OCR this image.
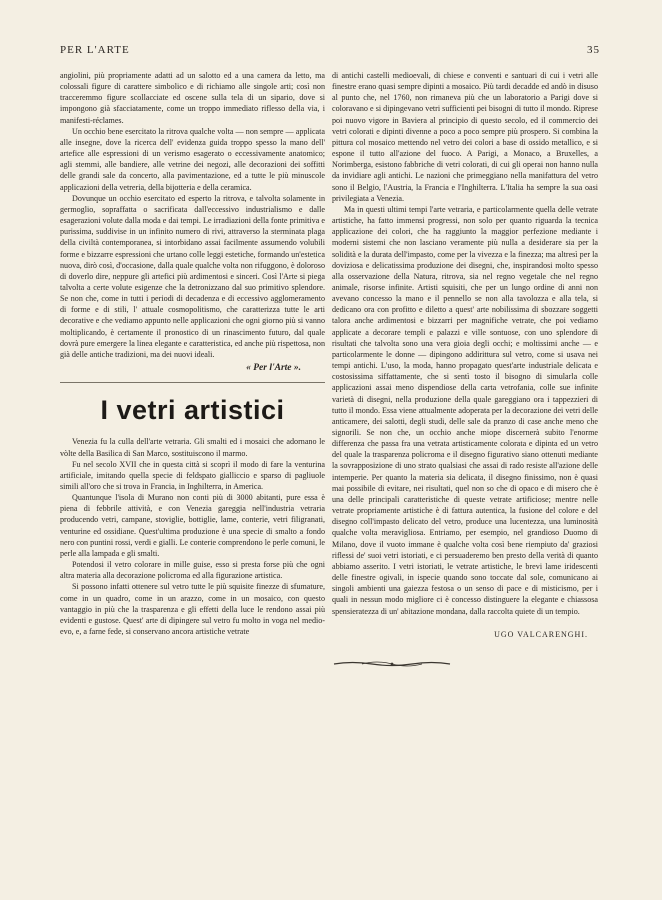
PER L'ARTE	35

angiolini, più propriamente adatti ad un salotto ed a una camera da letto, ma colossali figure di carattere simbolico e di richiamo alle singole arti; così non tracceremmo figure scollacciate ed oscene sulla tela di un sipario, dove si impongono già sfacciatamente, come un troppo immediato riflesso della via, i manifesti-réclames.

Un occhio bene esercitato la ritrova qualche volta — non sempre — applicata alle insegne, dove la ricerca dell' evidenza guida troppo spesso la mano dell' artefice alle espressioni di un verismo esagerato o eccessivamente anatomico; agli stemmi, alle bandiere, alle vetrine dei negozi, alle decorazioni dei soffitti delle grandi sale da concerto, alla pavimentazione, ed a tutte le più minuscole applicazioni della vetreria, della bijotteria e della ceramica.

Dovunque un occhio esercitato ed esperto la ritrova, e talvolta solamente in germoglio, sopraffatta o sacrificata dall'eccessivo industrialismo e dalle esagerazioni volute dalla moda e dai tempi. Le irradiazioni della fonte primitiva e purissima, suddivise in un infinito numero di rivi, attraverso la sterminata plaga della civiltà contemporanea, si intorbidano assai facilmente assumendo volubili forme e bizzarre espressioni che urtano colle leggi estetiche, formando un'estetica nuova, dirò così, d'occasione, dalla quale qualche volta non rifuggono, è doloroso di doverlo dire, neppure gli artefici più ardimentosi e sinceri. Così l'Arte si piega talvolta a certe volute esigenze che la detronizzano dal suo primitivo splendore. Se non che, come in tutti i periodi di decadenza e di eccessivo agglomeramento di forme e di stili, l' attuale cosmopolitismo, che caratterizza tutte le arti decorative e che vediamo appunto nelle applicazioni che ogni giorno più si vanno moltiplicando, è certamente il pronostico di un rinascimento futuro, dal quale dovrà pure emergere la linea elegante e caratteristica, ed anche più rispettosa, non già delle antiche tradizioni, ma dei nuovi ideali.

« Per l'Arte ».
I vetri artistici

Venezia fu la culla dell'arte vetraria. Gli smalti ed i mosaici che adornano le vòlte della Basilica di San Marco, sostituiscono il marmo.

Fu nel secolo XVII che in questa città si scoprì il modo di fare la venturina artificiale, imitando quella specie di feldspato gialliccio e sparso di pagliuole simili all'oro che si trova in Francia, in Inghilterra, in America.

Quantunque l'isola di Murano non conti più di 3000 abitanti, pure essa è piena di febbrile attività, e con Venezia gareggia nell'industria vetraria producendo vetri, campane, stoviglie, bottiglie, lame, conterie, vetri filigranati, venturine ed ossidiane. Quest'ultima produzione è una specie di smalto a fondo nero con puntini rossi, verdi e gialli. Le conterie comprendono le perle comuni, le perle alla lampada e gli smalti.

Potendosi il vetro colorare in mille guise, esso si presta forse più che ogni altra materia alla decorazione policroma ed alla figurazione artistica.

Si possono infatti ottenere sul vetro tutte le più squisite finezze di sfumature, come in un quadro, come in un arazzo, come in un mosaico, con questo vantaggio in più che la trasparenza e gli effetti della luce le rendono assai più evidenti e gustose. Quest' arte di dipingere sul vetro fu molto in voga nel medio-evo, e, a farne fede, si conservano ancora artistiche vetrate

di antichi castelli medioevali, di chiese e conventi e santuari di cui i vetri alle finestre erano quasi sempre dipinti a mosaico. Più tardi decadde ed andò in disuso al punto che, nel 1760, non rimaneva più che un laboratorio a Parigi dove si coloravano e si dipingevano vetri sufficienti pei bisogni di tutto il mondo. Riprese poi nuovo vigore in Baviera al principio di questo secolo, ed il commercio dei vetri colorati e dipinti divenne a poco a poco sempre più prospero. Si combina la pittura col mosaico mettendo nel vetro dei colori a base di ossido metallico, e si espone il tutto all'azione del fuoco. A Parigi, a Monaco, a Bruxelles, a Norimberga, esistono fabbriche di vetri colorati, di cui gli operai non hanno nulla da invidiare agli antichi. Le nazioni che primeggiano nella manifattura del vetro sono il Belgio, l'Austria, la Francia e l'Inghilterra. L'Italia ha sempre la sua oasi privilegiata a Venezia.

Ma in questi ultimi tempi l'arte vetraria, e particolarmente quella delle vetrate artistiche, ha fatto immensi progressi, non solo per quanto riguarda la tecnica applicazione dei colori, che ha raggiunto la maggior perfezione mediante i moderni sistemi che non lasciano veramente più nulla a desiderare sia per la solidità e la durata dell'impasto, come per la vivezza e la finezza; ma altresì per la doviziosa e delicatissima produzione dei disegni, che, inspirandosi molto spesso alla osservazione della Natura, ritrova, sia nel regno vegetale che nel regno animale, risorse infinite. Artisti squisiti, che per un lungo ordine di anni non avevano concesso la mano e il pennello se non alla tavolozza e alla tela, si dedicano ora con profitto e diletto a quest' arte nobilissima di sbozzare soggetti talora anche ardimentosi e bizzarri per magnifiche vetrate, che poi vediamo applicate a decorare templi e palazzi e ville sontuose, con uno splendore di risultati che talvolta sono una vera gioia degli occhi; e moltissimi anche — e particolarmente le donne — dipingono addirittura sul vetro, come si usava nei tempi antichi. L'uso, la moda, hanno propagato quest'arte industriale delicata e costosissima siffattamente, che si sentì tosto il bisogno di simularla colle applicazioni assai meno dispendiose della carta vetrofania, colle sue infinite varietà di disegni, nella produzione della quale gareggiano ora i tappezzieri di tutto il mondo. Essa viene attualmente adoperata per la decorazione dei vetri delle anticamere, dei salotti, degli studi, delle sale da pranzo di case anche meno che signorili. Se non che, un occhio anche miope discernerà subito l'enorme differenza che passa fra una vetrata artisticamente colorata e dipinta ed un vetro del quale la trasparenza policroma e il disegno figurativo siano ottenuti mediante la sovrapposizione di uno strato qualsiasi che assai di rado resiste all'azione delle intemperie. Per quanto la materia sia delicata, il disegno finissimo, non è quasi mai possibile di evitare, nei risultati, quel non so che di opaco e di misero che è una delle principali caratteristiche di queste vetrate artificiose; mentre nelle vetrate propriamente artistiche è di fattura autentica, la fusione del colore e del disegno coll'impasto delicato del vetro, produce una lucentezza, una luminosità qualche volta meravigliosa. Entriamo, per esempio, nel grandioso Duomo di Milano, dove il vuoto immane è qualche volta così bene riempiuto da' graziosi riflessi de' suoi vetri istoriati, e ci persuaderemo ben presto della verità di quanto abbiamo asserito. I vetri istoriati, le vetrate artistiche, le brevi lame iridescenti delle finestre ogivali, in ispecie quando sono toccate dal sole, comunicano ai singoli ambienti una gaiezza festosa o un senso di pace e di misticismo, per i quali in nessun modo migliore ci è concesso distinguere la elegante e chiassosa spensieratezza di un' abitazione mondana, dalla raccolta quiete di un tempio.

UGO VALCARENGHI.
